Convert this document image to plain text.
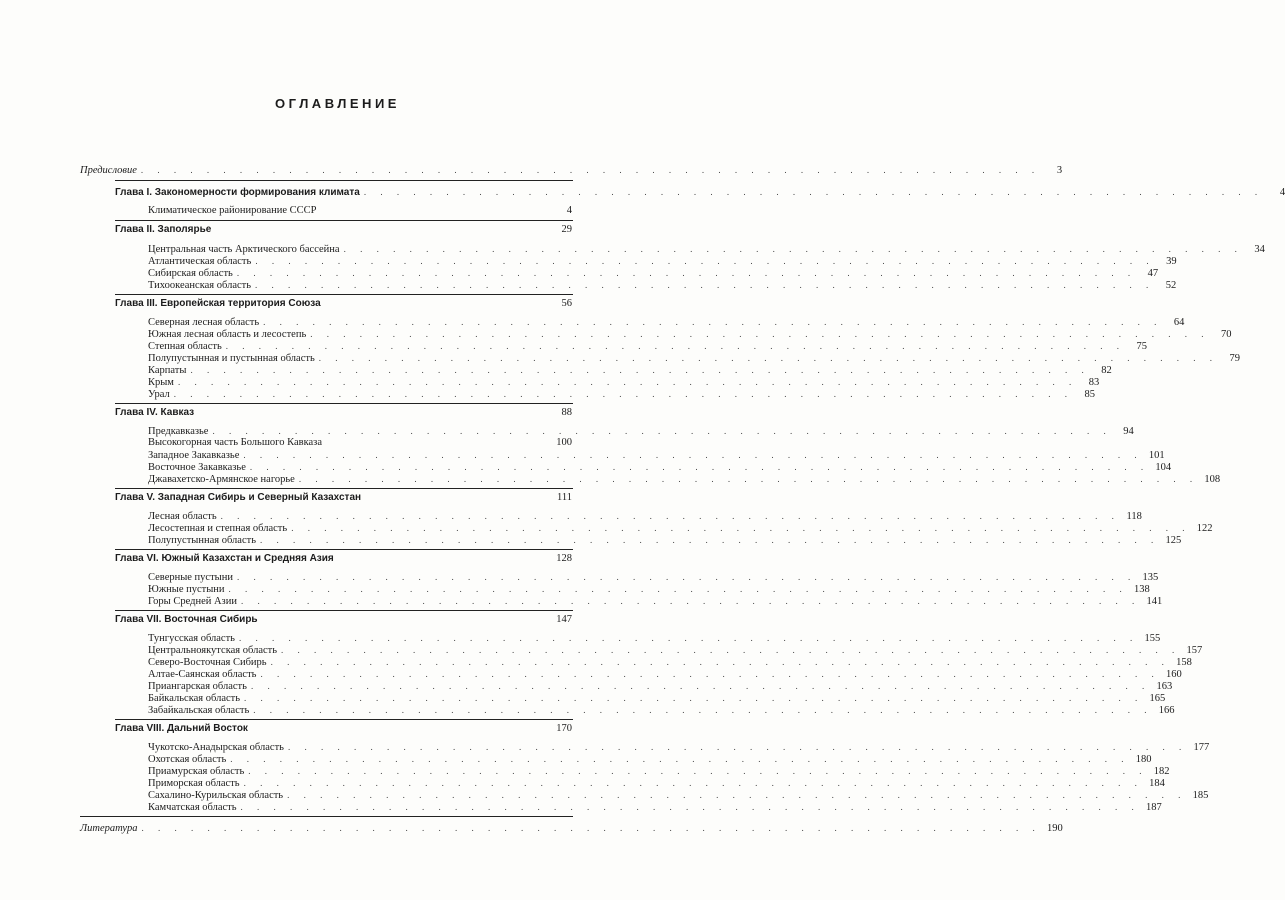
ОГЛАВЛЕНИЕ
Предисловие . . . . . . . . . . . . . . . . . . . . . . . . . . . . . . . . . . . . . . . . . . . . . . . . . . . . . . .	3
Глава I. Закономерности формирования климата . . . . . . . . . . . . . . . . . . . . . . . . . . . . . . . . . . . . . . . . . . . . . . . . . . . . . . .	4
Климатическое районирование СССР	4
Глава II. Заполярье	29
Центральная часть Арктического бассейна . . . . . . . . . . . . . . . . . . . . . . . . . . . . . . . . . . . . . . . . . . . . . . . . . . . . . . .	34
Атлантическая область . . . . . . . . . . . . . . . . . . . . . . . . . . . . . . . . . . . . . . . . . . . . . . . . . . . . . . .	39
Сибирская область . . . . . . . . . . . . . . . . . . . . . . . . . . . . . . . . . . . . . . . . . . . . . . . . . . . . . . .	47
Тихоокеанская область . . . . . . . . . . . . . . . . . . . . . . . . . . . . . . . . . . . . . . . . . . . . . . . . . . . . . . .	52
Глава III. Европейская территория Союза	56
Северная лесная область . . . . . . . . . . . . . . . . . . . . . . . . . . . . . . . . . . . . . . . . . . . . . . . . . . . . . . .	64
Южная лесная область и лесостепь . . . . . . . . . . . . . . . . . . . . . . . . . . . . . . . . . . . . . . . . . . . . . . . . . . . . . . .	70
Степная область . . . . . . . . . . . . . . . . . . . . . . . . . . . . . . . . . . . . . . . . . . . . . . . . . . . . . . .	75
Полупустынная и пустынная область . . . . . . . . . . . . . . . . . . . . . . . . . . . . . . . . . . . . . . . . . . . . . . . . . . . . . . .	79
Карпаты . . . . . . . . . . . . . . . . . . . . . . . . . . . . . . . . . . . . . . . . . . . . . . . . . . . . . . .	82
Крым . . . . . . . . . . . . . . . . . . . . . . . . . . . . . . . . . . . . . . . . . . . . . . . . . . . . . . .	83
Урал . . . . . . . . . . . . . . . . . . . . . . . . . . . . . . . . . . . . . . . . . . . . . . . . . . . . . . .	85
Глава IV. Кавказ	88
Предкавказье . . . . . . . . . . . . . . . . . . . . . . . . . . . . . . . . . . . . . . . . . . . . . . . . . . . . . . .	94
Высокогорная часть Большого Кавказа	100
Западное Закавказье . . . . . . . . . . . . . . . . . . . . . . . . . . . . . . . . . . . . . . . . . . . . . . . . . . . . . . . 101
Восточное Закавказье . . . . . . . . . . . . . . . . . . . . . . . . . . . . . . . . . . . . . . . . . . . . . . . . . . . . . . . 104
Джавахетско-Армянское нагорье . . . . . . . . . . . . . . . . . . . . . . . . . . . . . . . . . . . . . . . . . . . . . . . . . . . . . . . 108
Глава V. Западная Сибирь и Северный Казахстан	111
Лесная область . . . . . . . . . . . . . . . . . . . . . . . . . . . . . . . . . . . . . . . . . . . . . . . . . . . . . . . 118
Лесостепная и степная область . . . . . . . . . . . . . . . . . . . . . . . . . . . . . . . . . . . . . . . . . . . . . . . . . . . . . . . 122
Полупустынная область . . . . . . . . . . . . . . . . . . . . . . . . . . . . . . . . . . . . . . . . . . . . . . . . . . . . . . . 125
Глава VI. Южный Казахстан и Средняя Азия	128
Северные пустыни . . . . . . . . . . . . . . . . . . . . . . . . . . . . . . . . . . . . . . . . . . . . . . . . . . . . . . . 135
Южные пустыни . . . . . . . . . . . . . . . . . . . . . . . . . . . . . . . . . . . . . . . . . . . . . . . . . . . . . . . 138
Горы Средней Азии . . . . . . . . . . . . . . . . . . . . . . . . . . . . . . . . . . . . . . . . . . . . . . . . . . . . . . . 141
Глава VII. Восточная Сибирь	147
Тунгусская область . . . . . . . . . . . . . . . . . . . . . . . . . . . . . . . . . . . . . . . . . . . . . . . . . . . . . . . 155
Центральноякутская область . . . . . . . . . . . . . . . . . . . . . . . . . . . . . . . . . . . . . . . . . . . . . . . . . . . . . . . 157
Северо-Восточная Сибирь . . . . . . . . . . . . . . . . . . . . . . . . . . . . . . . . . . . . . . . . . . . . . . . . . . . . . . . 158
Алтае-Саянская область . . . . . . . . . . . . . . . . . . . . . . . . . . . . . . . . . . . . . . . . . . . . . . . . . . . . . . . 160
Приангарская область . . . . . . . . . . . . . . . . . . . . . . . . . . . . . . . . . . . . . . . . . . . . . . . . . . . . . . . 163
Байкальская область . . . . . . . . . . . . . . . . . . . . . . . . . . . . . . . . . . . . . . . . . . . . . . . . . . . . . . . 165
Забайкальская область . . . . . . . . . . . . . . . . . . . . . . . . . . . . . . . . . . . . . . . . . . . . . . . . . . . . . . . 166
Глава VIII. Дальний Восток	170
Чукотско-Анадырская область . . . . . . . . . . . . . . . . . . . . . . . . . . . . . . . . . . . . . . . . . . . . . . . . . . . . . . . 177
Охотская область . . . . . . . . . . . . . . . . . . . . . . . . . . . . . . . . . . . . . . . . . . . . . . . . . . . . . . . 180
Приамурская область . . . . . . . . . . . . . . . . . . . . . . . . . . . . . . . . . . . . . . . . . . . . . . . . . . . . . . . 182
Приморская область . . . . . . . . . . . . . . . . . . . . . . . . . . . . . . . . . . . . . . . . . . . . . . . . . . . . . . . 184
Сахалино-Курильская область . . . . . . . . . . . . . . . . . . . . . . . . . . . . . . . . . . . . . . . . . . . . . . . . . . . . . . . 185
Камчатская область . . . . . . . . . . . . . . . . . . . . . . . . . . . . . . . . . . . . . . . . . . . . . . . . . . . . . . . 187
Литература . . . . . . . . . . . . . . . . . . . . . . . . . . . . . . . . . . . . . . . . . . . . . . . . . . . . . . . 190
